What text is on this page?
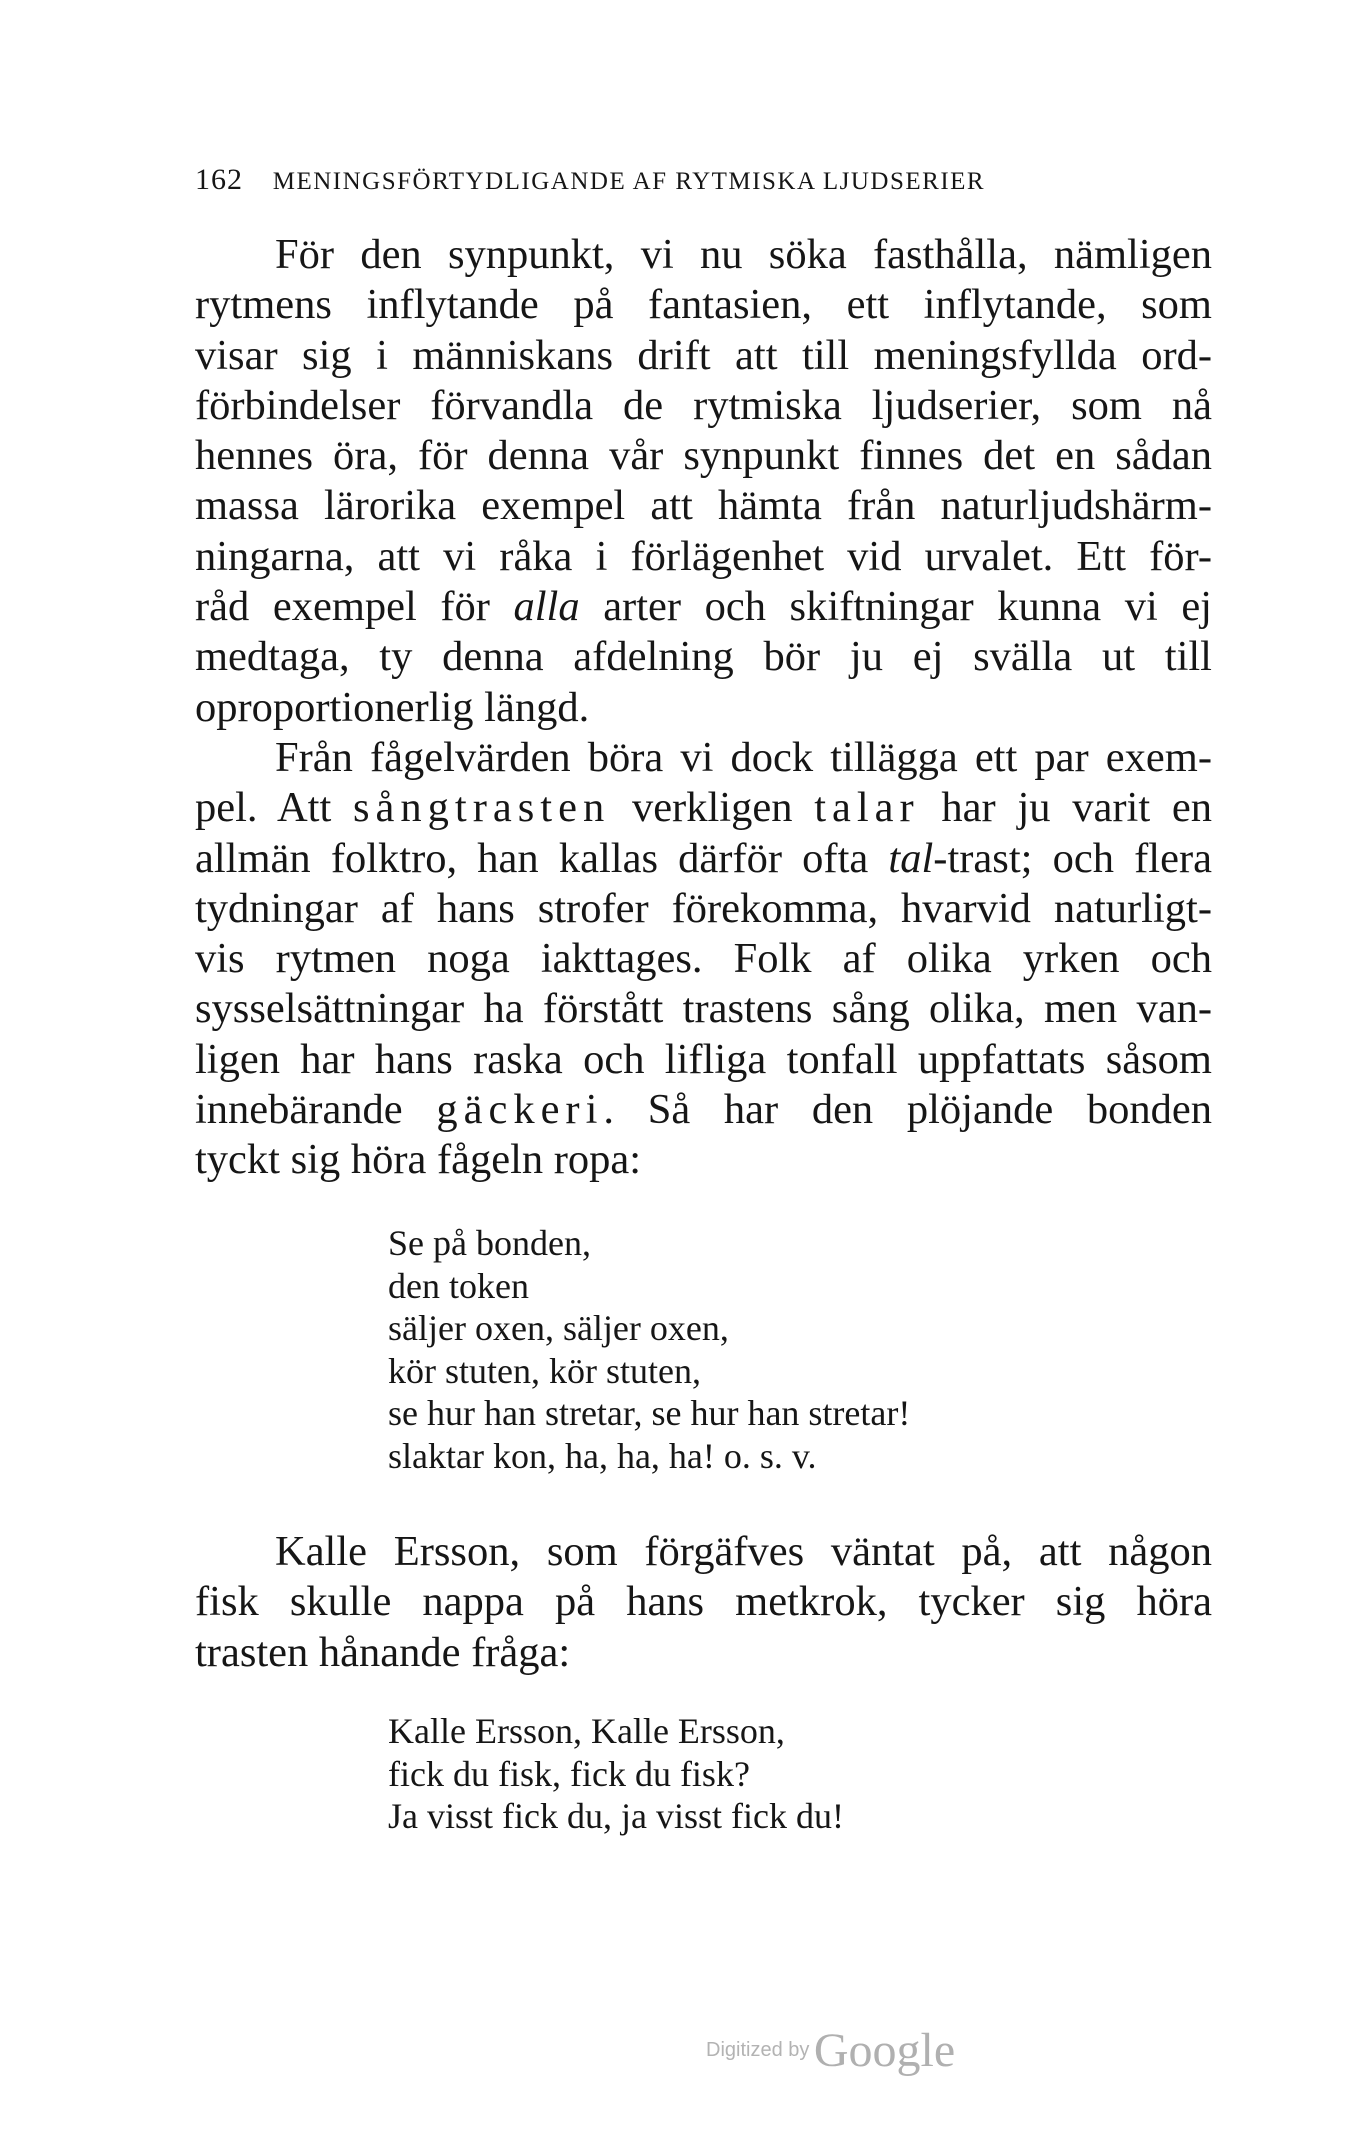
162 MENINGSFÖRTYDLIGANDE AF RYTMISKA LJUDSERIER
För den synpunkt, vi nu söka fasthålla, nämligen
rytmens inflytande på fantasien, ett inflytande, som
visar sig i människans drift att till meningsfyllda ord-
förbindelser förvandla de rytmiska ljudserier, som nå
hennes öra, för denna vår synpunkt finnes det en sådan
massa lärorika exempel att hämta från naturljudshärm-
ningarna, att vi råka i förlägenhet vid urvalet. Ett för-
råd exempel för alla arter och skiftningar kunna vi ej
medtaga, ty denna afdelning bör ju ej svälla ut till
oproportionerlig längd.
Från fågelvärden böra vi dock tillägga ett par exem-
pel. Att sångtrasten verkligen talar har ju varit en
allmän folktro, han kallas därför ofta tal-trast; och flera
tydningar af hans strofer förekomma, hvarvid naturligt-
vis rytmen noga iakttages. Folk af olika yrken och
sysselsättningar ha förstått trastens sång olika, men van-
ligen har hans raska och lifliga tonfall uppfattats såsom
innebärande gäckeri. Så har den plöjande bonden
tyckt sig höra fågeln ropa:
Se på bonden,
den token
säljer oxen, säljer oxen,
kör stuten, kör stuten,
se hur han stretar, se hur han stretar!
slaktar kon, ha, ha, ha! o. s. v.
Kalle Ersson, som förgäfves väntat på, att någon
fisk skulle nappa på hans metkrok, tycker sig höra
trasten hånande fråga:
Kalle Ersson, Kalle Ersson,
fick du fisk, fick du fisk?
Ja visst fick du, ja visst fick du!
Digitized by Google
